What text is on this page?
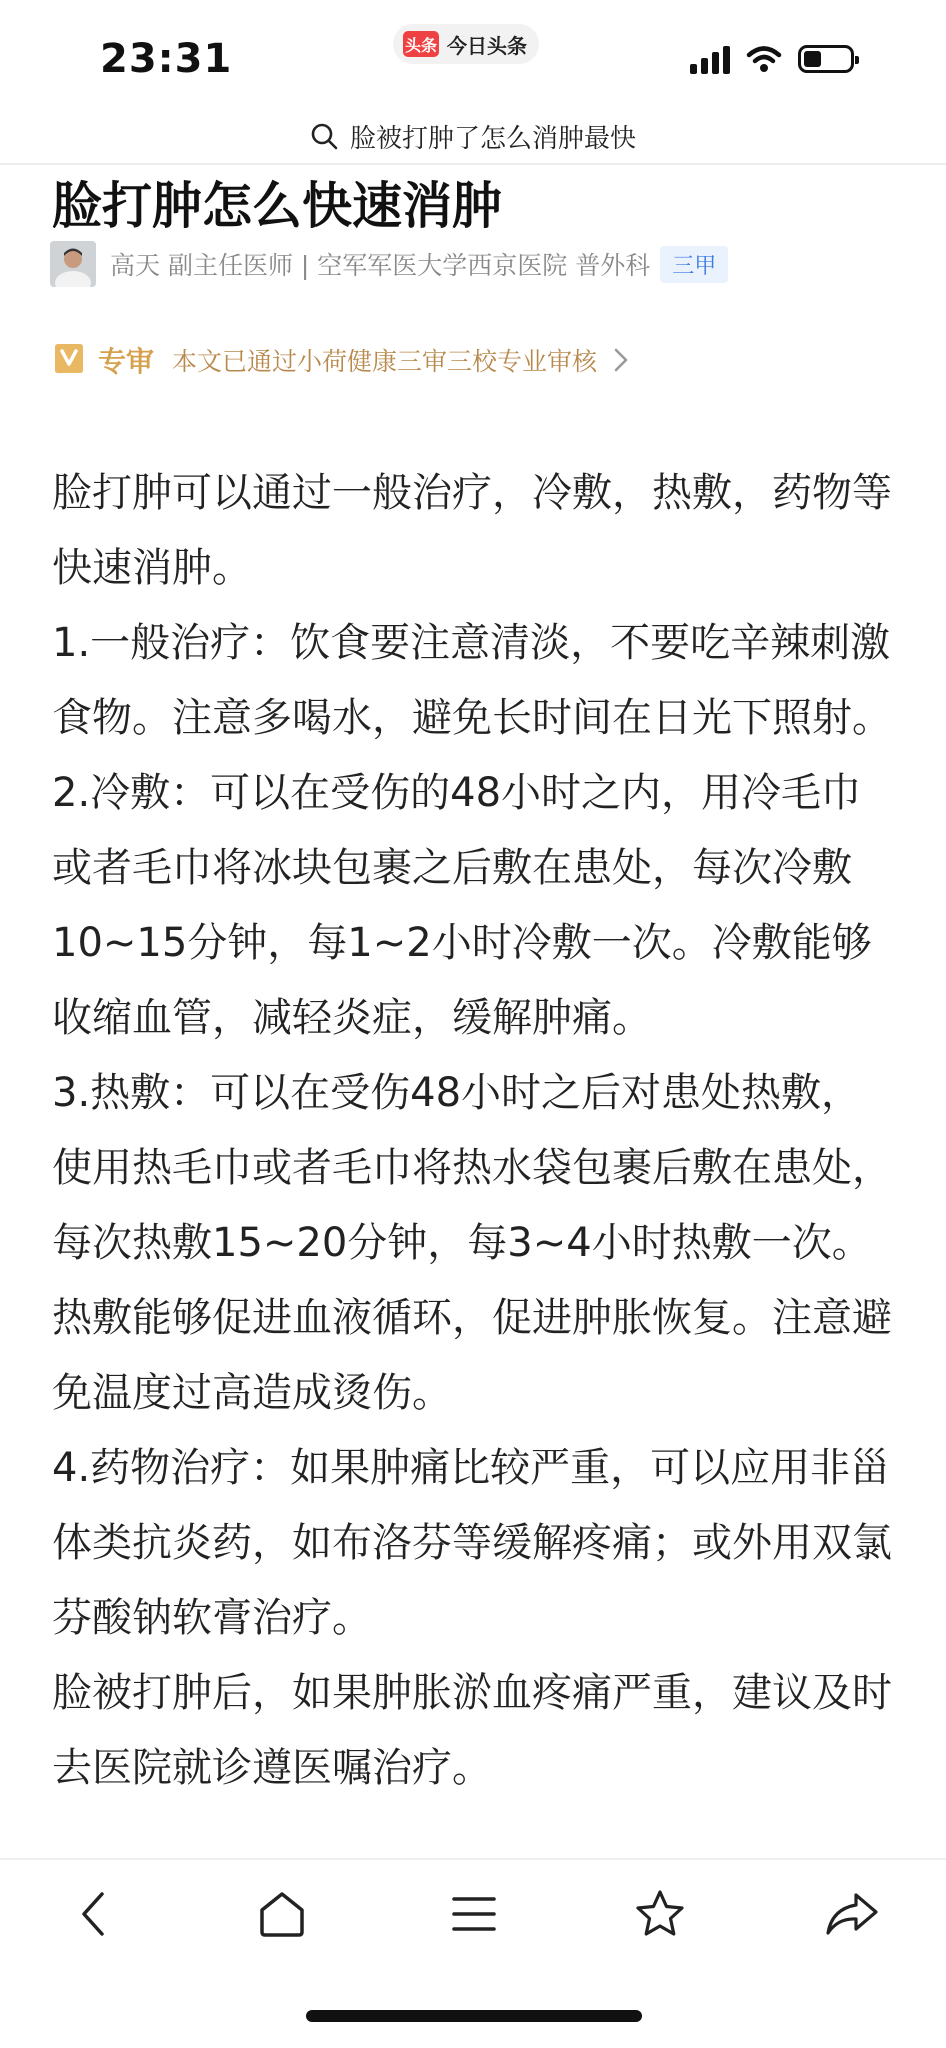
23:31	头条 今日头条
脸被打肿了怎么消肿最快
脸打肿怎么快速消肿
高天 副主任医师 | 空军军医大学西京医院 普外科	三甲
专审 本文已通过小荷健康三审三校专业审核

脸打肿可以通过一般治疗，冷敷，热敷，药物等快速消肿。

1.一般治疗：饮食要注意清淡，不要吃辛辣刺激食物。注意多喝水，避免长时间在日光下照射。

2.冷敷：可以在受伤的48小时之内，用冷毛巾或者毛巾将冰块包裹之后敷在患处，每次冷敷10~15分钟，每1~2小时冷敷一次。冷敷能够收缩血管，减轻炎症，缓解肿痛。

3.热敷：可以在受伤48小时之后对患处热敷，使用热毛巾或者毛巾将热水袋包裹后敷在患处，每次热敷15~20分钟，每3~4小时热敷一次。热敷能够促进血液循环，促进肿胀恢复。注意避免温度过高造成烫伤。

4.药物治疗：如果肿痛比较严重，可以应用非甾体类抗炎药，如布洛芬等缓解疼痛；或外用双氯芬酸钠软膏治疗。

脸被打肿后，如果肿胀淤血疼痛严重，建议及时去医院就诊遵医嘱治疗。
